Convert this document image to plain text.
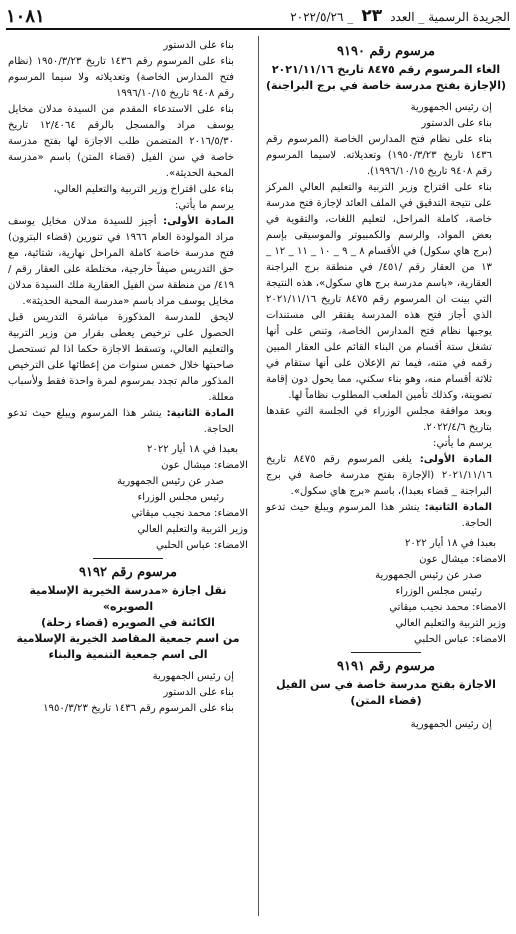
الجريدة الرسمية _ العدد ٢٣ _ ٢٠٢٢/٥/٢٦
١٠٨١
مرسوم رقم ٩١٩٠

الغاء المرسوم رقم ٨٤٧٥ تاريخ ٢٠٢١/١١/١٦

(الإجازة بفتح مدرسة خاصة في برج البراجنة)

إن رئيس الجمهورية

بناء على الدستور

بناء على نظام فتح المدارس الخاصة (المرسوم رقم ١٤٣٦ تاريخ ١٩٥٠/٣/٢٣) وتعديلاته. لاسيما المرسوم رقم ٩٤٠٨ تاريخ ١٩٩٦/١٠/١٥).

بناء على اقتراح وزير التربية والتعليم العالي المركز على نتيجة التدقيق في الملف العائد لإجازة فتح مدرسة خاصة، كاملة المراحل، لتعليم اللغات، والتقوية في بعض المواد، والرسم والكمبيوتر والموسيقى بإسم (برج هاي سكول) في الأقسام ٨ _ ٩ _ ١٠ _ ١١ _ ١٢ _ ١٣ من العقار رقم /٤٥١/ في منطقة برج البراجنة العقارية، «باسم مدرسة برج هاي سكول»، هذه النتيجة التي بينت ان المرسوم رقم ٨٤٧٥ تاريخ ٢٠٢١/١١/١٦ الذي أجاز فتح هذه المدرسة يفتقر الى مستندات يوجبها نظام فتح المدارس الخاصة، وتنص على أنها تشغل ستة أقسام من البناء القائم على العقار المبين رقمه في متنه، فيما تم الإعلان على أنها ستقام في ثلاثة أقسام منه، وهو بناء سكني، مما يحول دون إقامة تصوينة، وكذلك تأمين الملعب المطلوب نظاماً لها.

وبعد موافقة مجلس الوزراء في الجلسة التي عقدها بتاريخ ٢٠٢٢/٤/٦.

يرسم ما يأتي:

المادة الأولى: يلغى المرسوم رقم ٨٤٧٥ تاريخ ٢٠٢١/١١/١٦ (الإجازة بفتح مدرسة خاصة في برج البراجنة _ قضاء بعبدا)، باسم «برج هاي سكول».

المادة الثانية: ينشر هذا المرسوم ويبلغ حيث تدعو الحاجة.

بعبدا في ١٨ أيار ٢٠٢٢

الامضاء: ميشال عون

صدر عن رئيس الجمهورية

رئيس مجلس الوزراء

الامضاء: محمد نجيب ميقاتي

وزير التربية والتعليم العالي

الامضاء: عباس الحلبي

مرسوم رقم ٩١٩١

الاجازة بفتح مدرسة خاصة في سن الفيل

(قضاء المتن)

إن رئيس الجمهورية

بناء على الدستور

بناء على المرسوم رقم ١٤٣٦ تاريخ ١٩٥٠/٣/٢٣ (نظام فتح المدارس الخاصة) وتعديلاته ولا سيما المرسوم رقم ٩٤٠٨ تاريخ ١٩٩٦/١٠/١٥

بناء على الاستدعاء المقدم من السيدة مدلان مخايل يوسف مراد والمسجل بالرقم ١٢/٤٠٦٤ تاريخ ٢٠١٦/٥/٣٠ المتضمن طلب الاجازة لها بفتح مدرسة خاصة في سن الفيل (قضاء المتن) باسم «مدرسة المحبة الحديثة».

بناء على اقتراح وزير التربية والتعليم العالي،

يرسم ما يأتي:

المادة الأولى: أجيز للسيدة مدلان مخايل يوسف مراد المولودة العام ١٩٦٦ في تنورين (قضاء البترون) فتح مدرسة خاصة كاملة المراحل نهارية، شتائية، مع حق التدريس صيفاً خارجية، مختلطة على العقار رقم /٤١٩/ من منطقة سن الفيل العقارية ملك السيدة مدلان مخايل يوسف مراد باسم «مدرسة المحبة الحديثة».

لايحق للمدرسة المذكورة مباشرة التدريس قبل الحصول على ترخيص يعطى بقرار من وزير التربية والتعليم العالي، وتسقط الاجازة حكما اذا لم تستحصل صاحبتها خلال خمس سنوات من إعطائها على الترخيص المذكور مالم تجدد بمرسوم لمرة واحدة فقط ولأسباب معللة.

المادة الثانية: ينشر هذا المرسوم ويبلغ حيث تدعو الحاجة.

بعبدا في ١٨ أيار ٢٠٢٢

الامضاء: ميشال عون

صدر عن رئيس الجمهورية

رئيس مجلس الوزراء

الامضاء: محمد نجيب ميقاتي

وزير التربية والتعليم العالي

الامضاء: عباس الحلبي

مرسوم رقم ٩١٩٢

نقل اجازة «مدرسة الخيرية الإسلامية الصويره»

الكائنة في الصويره (قضاء زحلة)

من اسم جمعية المقاصد الخيرية الإسلامية

الى اسم جمعية التنمية والبناء

إن رئيس الجمهورية

بناء على الدستور

بناء على المرسوم رقم ١٤٣٦ تاريخ ١٩٥٠/٣/٢٣
